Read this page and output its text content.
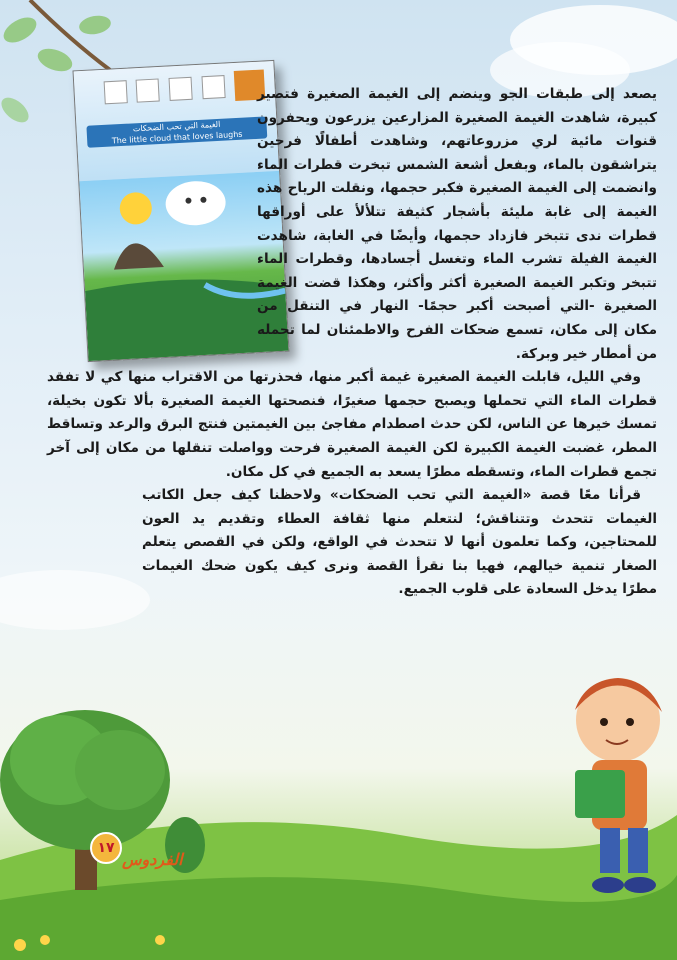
الغيمة التي تحب الضحكات
The little cloud that loves laughs

يصعد إلى طبقات الجو وينضم إلى الغيمة الصغيرة فتصير كبيرة، شاهدت الغيمة الصغيرة المزارعين يزرعون ويحفرون قنوات مائية لري مزروعاتهم، وشاهدت أطفالًا فرحين يتراشقون بالماء، وبفعل أشعة الشمس تبخرت قطرات الماء وانضمت إلى الغيمة الصغيرة فكبر حجمها، ونقلت الرياح هذه الغيمة إلى غابة مليئة بأشجار كثيفة تتلألأ على أوراقها قطرات ندى تتبخر فازداد حجمها، وأيضًا في الغابة، شاهدت الغيمة الفيلة تشرب الماء وتغسل أجسادها، وقطرات الماء تتبخر وتكبر الغيمة الصغيرة أكثر وأكثر، وهكذا قضت الغيمة الصغيرة -التي أصبحت أكبر حجمًا- النهار في التنقل من مكان إلى مكان، تسمع ضحكات الفرح والاطمئنان لما تحمله من أمطار خير وبركة.

وفي الليل، قابلت الغيمة الصغيرة غيمة أكبر منها، فحذرتها من الاقتراب منها كي لا تفقد قطرات الماء التي تحملها ويصبح حجمها صغيرًا، فنصحتها الغيمة الصغيرة بألا تكون بخيلة، تمسك خيرها عن الناس، لكن حدث اصطدام مفاجئ بين الغيمتين فنتج البرق والرعد وتساقط المطر، غضبت الغيمة الكبيرة لكن الغيمة الصغيرة فرحت وواصلت تنقلها من مكان إلى آخر تجمع قطرات الماء، وتسقطه مطرًا يسعد به الجميع في كل مكان.

قرأنا معًا قصة «الغيمة التي تحب الضحكات» ولاحظنا كيف جعل الكاتب الغيمات تتحدث وتتناقش؛ لنتعلم منها ثقافة العطاء وتقديم يد العون للمحتاجين، وكما تعلمون أنها لا تتحدث في الواقع، ولكن في القصص يتعلم الصغار تنمية خيالهم، فهيا بنا نقرأ القصة ونرى كيف يكون ضحك الغيمات مطرًا يدخل السعادة على قلوب الجميع.

١٧
الفردوس
